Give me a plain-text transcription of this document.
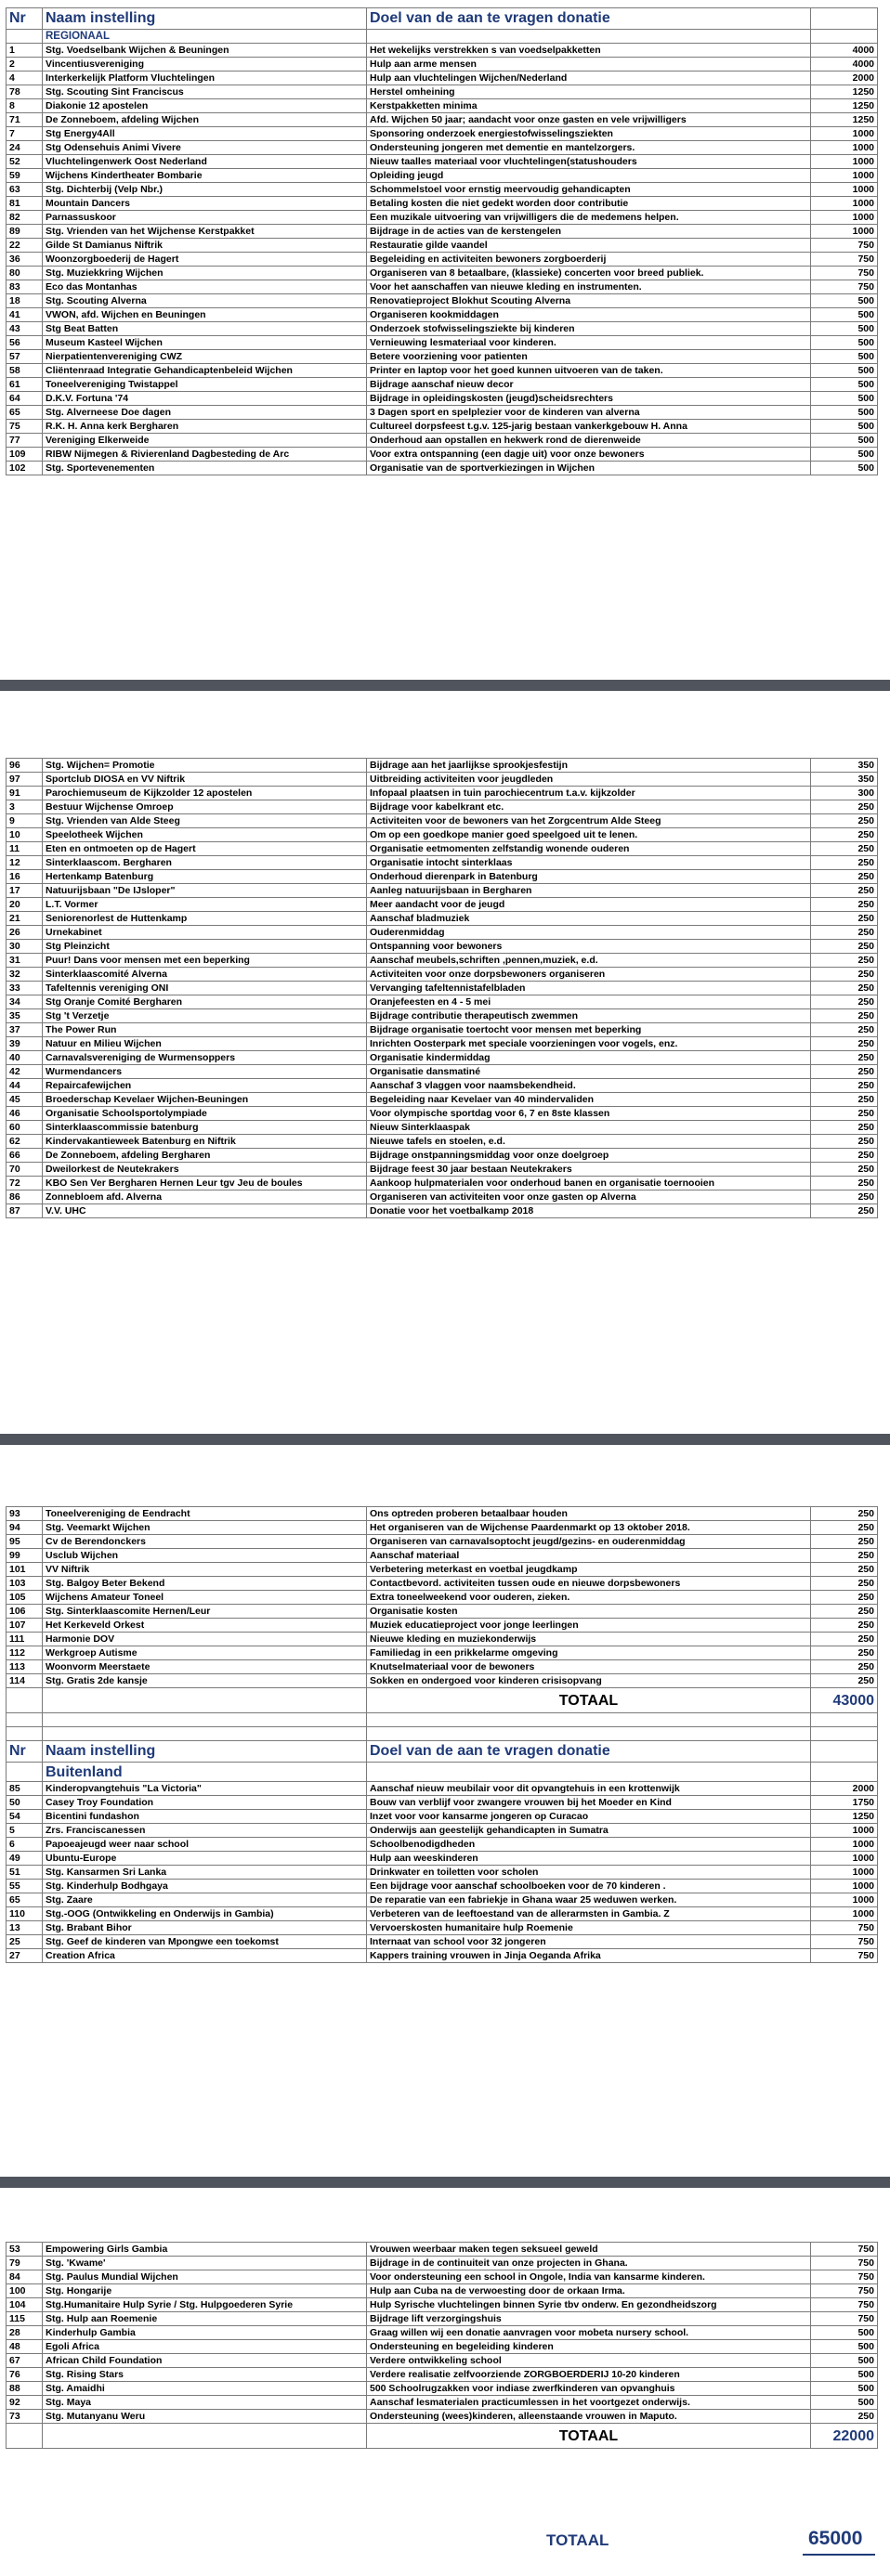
Nr	Naam instelling	Doel van de aan te vragen donatie	
	REGIONAAL		
1	Stg. Voedselbank Wijchen & Beuningen	Het wekelijks verstrekken s van voedselpakketten	4000
2	Vincentiusvereniging	Hulp aan arme mensen	4000
4	Interkerkelijk Platform Vluchtelingen	Hulp aan vluchtelingen Wijchen/Nederland	2000
78	Stg. Scouting Sint Franciscus	Herstel omheining	1250
8	Diakonie 12 apostelen	Kerstpakketten minima	1250
71	De Zonneboem, afdeling Wijchen	Afd. Wijchen 50 jaar; aandacht voor onze gasten en vele vrijwilligers	1250
7	Stg Energy4All	Sponsoring onderzoek energiestofwisselingsziekten	1000
24	Stg Odensehuis Animi Vivere	Ondersteuning jongeren met dementie en mantelzorgers.	1000
52	Vluchtelingenwerk Oost Nederland	Nieuw taalles materiaal voor vluchtelingen(statushouders	1000
59	Wijchens Kindertheater Bombarie	Opleiding jeugd	1000
63	Stg. Dichterbij (Velp Nbr.)	Schommelstoel voor ernstig meervoudig gehandicapten	1000
81	Mountain Dancers	Betaling kosten die niet gedekt worden door contributie	1000
82	Parnassuskoor	Een muzikale uitvoering van vrijwilligers die de medemens helpen.	1000
89	Stg. Vrienden van het Wijchense Kerstpakket	Bijdrage in de acties van de kerstengelen	1000
22	Gilde St Damianus Niftrik	Restauratie gilde vaandel	750
36	Woonzorgboederij de Hagert	Begeleiding en activiteiten bewoners zorgboerderij	750
80	Stg. Muziekkring Wijchen	Organiseren van 8 betaalbare, (klassieke) concerten voor breed publiek.	750
83	Eco das Montanhas	Voor het aanschaffen van nieuwe kleding en instrumenten.	750
18	Stg. Scouting Alverna	Renovatieproject Blokhut Scouting Alverna	500
41	VWON, afd. Wijchen en Beuningen	Organiseren kookmiddagen	500
43	Stg Beat Batten	Onderzoek stofwisselingsziekte bij kinderen	500
56	Museum Kasteel Wijchen	Vernieuwing lesmateriaal voor kinderen.	500
57	Nierpatientenvereniging CWZ	Betere voorziening voor patienten	500
58	Cliëntenraad Integratie Gehandicaptenbeleid Wijchen	Printer en laptop voor het goed kunnen uitvoeren van de taken.	500
61	Toneelvereniging Twistappel	Bijdrage aanschaf nieuw decor	500
64	D.K.V. Fortuna '74	Bijdrage in opleidingskosten (jeugd)scheidsrechters	500
65	Stg. Alverneese Doe dagen	3 Dagen sport en spelplezier voor de kinderen van alverna	500
75	R.K. H. Anna kerk Bergharen	Cultureel dorpsfeest t.g.v. 125-jarig bestaan vankerkgebouw H. Anna	500
77	Vereniging Elkerweide	Onderhoud aan opstallen en hekwerk rond de dierenweide	500
109	RIBW Nijmegen & Rivierenland Dagbesteding de Arc	Voor extra ontspanning (een dagje uit) voor onze bewoners	500
102	Stg. Sportevenementen	Organisatie van de sportverkiezingen in Wijchen	500
96	Stg. Wijchen= Promotie	Bijdrage aan het jaarlijkse sprookjesfestijn	350
97	Sportclub DIOSA en VV Niftrik	Uitbreiding activiteiten voor jeugdleden	350
91	Parochiemuseum de Kijkzolder 12 apostelen	Infopaal plaatsen in tuin parochiecentrum t.a.v. kijkzolder	300
3	Bestuur Wijchense Omroep	Bijdrage voor kabelkrant etc.	250
9	Stg. Vrienden van Alde Steeg	Activiteiten voor de bewoners van het Zorgcentrum Alde Steeg	250
10	Speelotheek Wijchen	Om op een goedkope manier goed speelgoed uit te lenen.	250
11	Eten en ontmoeten op de Hagert	Organisatie eetmomenten zelfstandig wonende ouderen	250
12	Sinterklaascom. Bergharen	Organisatie intocht sinterklaas	250
16	Hertenkamp Batenburg	Onderhoud dierenpark in Batenburg	250
17	Natuurijsbaan "De IJsloper"	Aanleg natuurijsbaan in Bergharen	250
20	L.T. Vormer	Meer aandacht voor de jeugd	250
21	Seniorenorlest de Huttenkamp	Aanschaf bladmuziek	250
26	Urnekabinet	Ouderenmiddag	250
30	Stg Pleinzicht	Ontspanning voor bewoners	250
31	Puur! Dans voor mensen met een beperking	Aanschaf meubels,schriften ,pennen,muziek, e.d.	250
32	Sinterklaascomité Alverna	Activiteiten voor onze dorpsbewoners organiseren	250
33	Tafeltennis vereniging ONI	Vervanging tafeltennistafelbladen	250
34	Stg Oranje Comité Bergharen	Oranjefeesten en 4 - 5 mei	250
35	Stg 't Verzetje	Bijdrage contributie therapeutisch zwemmen	250
37	The Power Run	Bijdrage organisatie toertocht voor mensen met beperking	250
39	Natuur en Milieu Wijchen	Inrichten Oosterpark met speciale voorzieningen voor vogels, enz.	250
40	Carnavalsvereniging de Wurmensoppers	Organisatie kindermiddag	250
42	Wurmendancers	Organisatie dansmatiné	250
44	Repaircafewijchen	Aanschaf 3 vlaggen voor naamsbekendheid.	250
45	Broederschap Kevelaer Wijchen-Beuningen	Begeleiding naar Kevelaer van 40 mindervaliden	250
46	Organisatie Schoolsportolympiade	Voor olympische sportdag voor 6, 7 en 8ste klassen	250
60	Sinterklaascommissie batenburg	Nieuw Sinterklaaspak	250
62	Kindervakantieweek Batenburg en Niftrik	Nieuwe tafels en stoelen, e.d.	250
66	De Zonneboem, afdeling Bergharen	Bijdrage onstpanningsmiddag voor onze doelgroep	250
70	Dweilorkest de Neutekrakers	Bijdrage feest 30 jaar bestaan Neutekrakers	250
72	KBO Sen Ver Bergharen Hernen Leur tgv Jeu de boules	Aankoop hulpmaterialen voor onderhoud banen en organisatie toernooien	250
86	Zonnebloem afd. Alverna	Organiseren van activiteiten voor onze gasten op Alverna	250
87	V.V. UHC	Donatie voor het voetbalkamp 2018	250
93	Toneelvereniging de Eendracht	Ons optreden proberen betaalbaar houden	250
94	Stg. Veemarkt Wijchen	Het organiseren van de Wijchense Paardenmarkt op 13 oktober 2018.	250
95	Cv de Berendonckers	Organiseren van carnavalsoptocht jeugd/gezins- en ouderenmiddag	250
99	Usclub Wijchen	Aanschaf materiaal	250
101	VV Niftrik	Verbetering meterkast en voetbal jeugdkamp	250
103	Stg. Balgoy Beter Bekend	Contactbevord. activiteiten tussen oude en nieuwe dorpsbewoners	250
105	Wijchens Amateur Toneel	Extra toneelweekend voor ouderen, zieken.	250
106	Stg. Sinterklaascomite Hernen/Leur	Organisatie kosten	250
107	Het Kerkeveld Orkest	Muziek educatieproject voor jonge leerlingen	250
111	Harmonie DOV	Nieuwe kleding en muziekonderwijs	250
112	Werkgroep Autisme	Familiedag in een prikkelarme omgeving	250
113	Woonvorm Meerstaete	Knutselmateriaal voor de bewoners	250
114	Stg. Gratis 2de kansje	Sokken en ondergoed voor kinderen crisisopvang	250
		TOTAAL	43000

Nr	Naam instelling	Doel van de aan te vragen donatie	
	Buitenland		
85	Kinderopvangtehuis "La Victoria"	Aanschaf nieuw meubilair voor dit opvangtehuis in een krottenwijk	2000
50	Casey Troy Foundation	Bouw van verblijf voor zwangere vrouwen bij het Moeder en Kind	1750
54	Bicentini fundashon	Inzet voor voor kansarme jongeren op Curacao	1250
5	Zrs. Franciscanessen	Onderwijs aan geestelijk gehandicapten in Sumatra	1000
6	Papoeajeugd weer naar school	Schoolbenodigdheden	1000
49	Ubuntu-Europe	Hulp aan weeskinderen	1000
51	Stg. Kansarmen Sri Lanka	Drinkwater en toiletten voor scholen	1000
55	Stg. Kinderhulp Bodhgaya	Een bijdrage voor aanschaf schoolboeken voor de 70 kinderen .	1000
65	Stg. Zaare	De reparatie van een fabriekje in Ghana waar 25 weduwen werken.	1000
110	Stg.-OOG (Ontwikkeling en Onderwijs in Gambia)	Verbeteren van de leeftoestand van de allerarmsten in Gambia. Z	1000
13	Stg. Brabant Bihor	Vervoerskosten humanitaire hulp Roemenie	750
25	Stg. Geef de kinderen van Mpongwe een toekomst	Internaat van school voor 32 jongeren	750
27	Creation Africa	Kappers training vrouwen in Jinja Oeganda Afrika	750
53	Empowering Girls Gambia	Vrouwen weerbaar maken tegen seksueel geweld	750
79	Stg. 'Kwame'	Bijdrage in de continuiteit van onze projecten in Ghana.	750
84	Stg. Paulus Mundial Wijchen	Voor ondersteuning een school in Ongole, India van kansarme kinderen.	750
100	Stg. Hongarije	Hulp aan Cuba na de verwoesting door de orkaan Irma.	750
104	Stg.Humanitaire Hulp Syrie / Stg. Hulpgoederen Syrie	Hulp Syrische vluchtelingen binnen Syrie tbv onderw. En gezondheidszorg	750
115	Stg. Hulp aan Roemenie	Bijdrage lift verzorgingshuis	750
28	Kinderhulp Gambia	Graag willen wij een donatie aanvragen voor mobeta nursery school.	500
48	Egoli Africa	Ondersteuning en begeleiding kinderen	500
67	African Child Foundation	Verdere ontwikkeling school	500
76	Stg. Rising Stars	Verdere realisatie zelfvoorziende ZORGBOERDERIJ 10-20 kinderen	500
88	Stg. Amaidhi	500 Schoolrugzakken voor indiase zwerfkinderen van opvanghuis	500
92	Stg. Maya	Aanschaf lesmaterialen practicumlessen in het voortgezet onderwijs.	500
73	Stg. Mutanyanu Weru	Ondersteuning (wees)kinderen, alleenstaande vrouwen in Maputo.	250
		TOTAAL	22000
TOTAAL	65000
